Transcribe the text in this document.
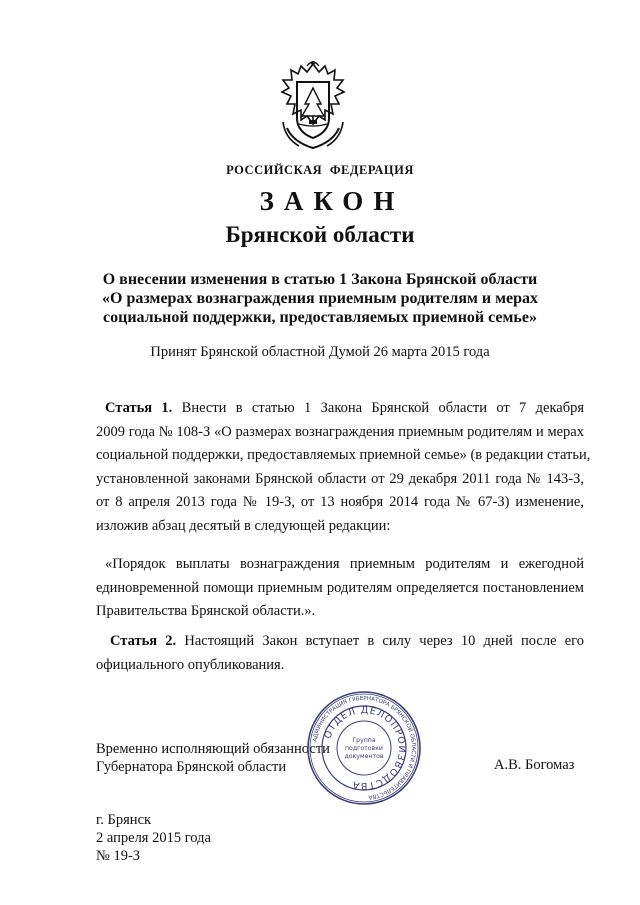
РОССИЙСКАЯ ФЕДЕРАЦИЯ
ЗАКОН
Брянской области
О внесении изменения в статью 1 Закона Брянской области
«О размерах вознаграждения приемным родителям и мерах
социальной поддержки, предоставляемых приемной семье»
Принят Брянской областной Думой 26 марта 2015 года
Статья 1. Внести в статью 1 Закона Брянской области от 7 декабря
2009 года № 108-З «О размерах вознаграждения приемным родителям и мерах
социальной поддержки, предоставляемых приемной семье» (в редакции статьи,
установленной законами Брянской области от 29 декабря 2011 года № 143-З,
от 8 апреля 2013 года № 19-З, от 13 ноября 2014 года № 67-З) изменение,
изложив абзац десятый в следующей редакции:
«Порядок выплаты вознаграждения приемным родителям и ежегодной
единовременной помощи приемным родителям определяется постановлением
Правительства Брянской области.».
Статья 2. Настоящий Закон вступает в силу через 10 дней после его
официального опубликования.
Временно исполняющий обязанности
Губернатора Брянской области	А.В. Богомаз
АДМИНИСТРАЦИЯ ГУБЕРНАТОРА БРЯНСКОЙ ОБЛАСТИ И ПРАВИТЕЛЬСТВА
ОТДЕЛ ДЕЛОПРОИЗВОДСТВА
Группа
подготовки
документов
г. Брянск
2 апреля 2015 года
№ 19-З
